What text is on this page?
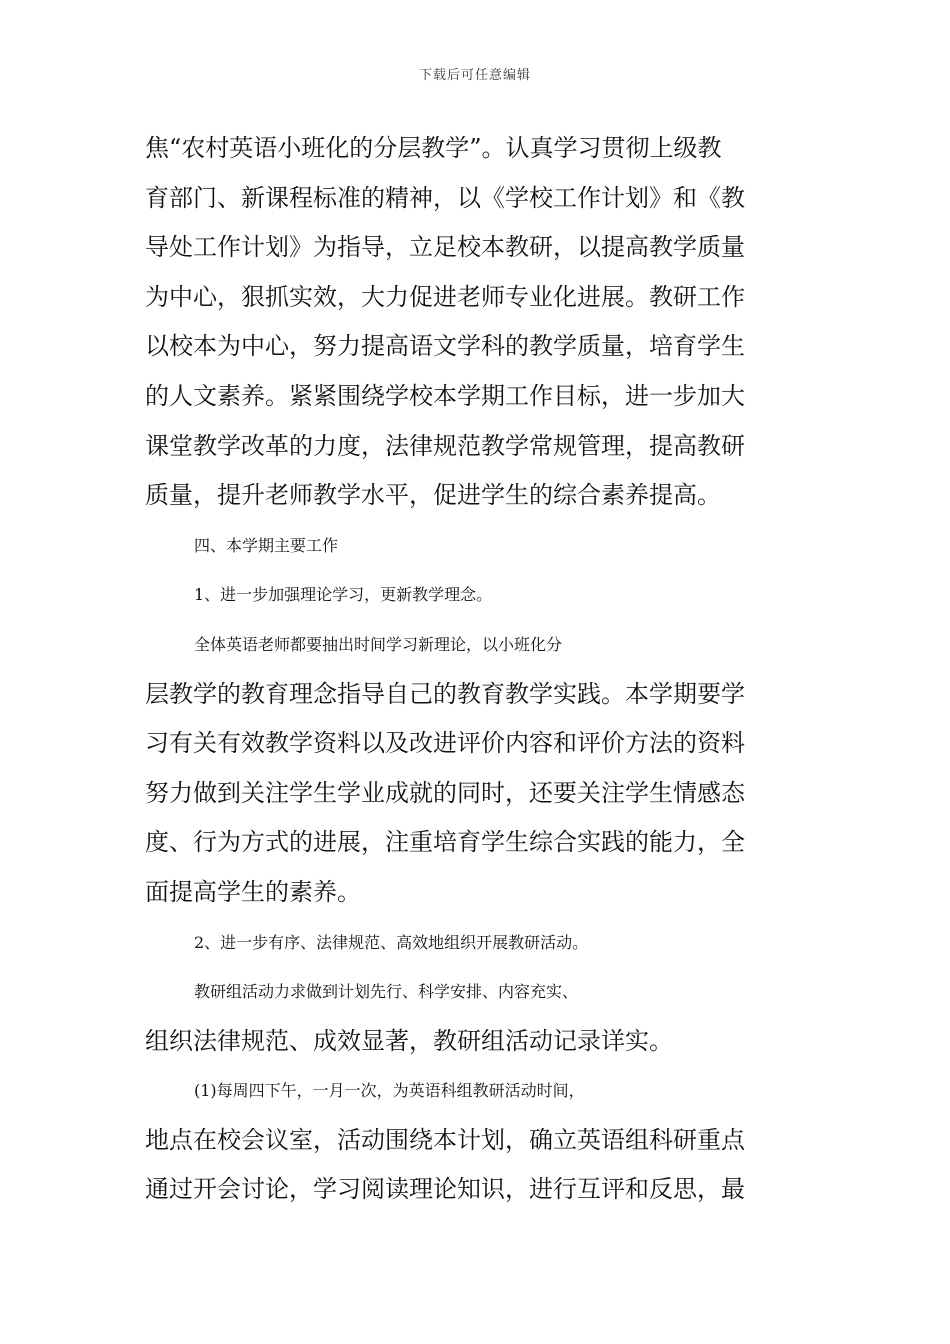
下载后可任意编辑
焦“农村英语小班化的分层教学”。认真学习贯彻上级教
育部门、新课程标准的精神，以《学校工作计划》和《教
导处工作计划》为指导，立足校本教研，以提高教学质量
为中心，狠抓实效，大力促进老师专业化进展。教研工作
以校本为中心，努力提高语文学科的教学质量，培育学生
的人文素养。紧紧围绕学校本学期工作目标，进一步加大
课堂教学改革的力度，法律规范教学常规管理，提高教研
质量，提升老师教学水平，促进学生的综合素养提高。
四、本学期主要工作
1、进一步加强理论学习，更新教学理念。
全体英语老师都要抽出时间学习新理论，以小班化分
层教学的教育理念指导自己的教育教学实践。本学期要学
习有关有效教学资料以及改进评价内容和评价方法的资料
努力做到关注学生学业成就的同时，还要关注学生情感态
度、行为方式的进展，注重培育学生综合实践的能力，全
面提高学生的素养。
2、进一步有序、法律规范、高效地组织开展教研活动。
教研组活动力求做到计划先行、科学安排、内容充实、
组织法律规范、成效显著，教研组活动记录详实。
(1)每周四下午，一月一次，为英语科组教研活动时间，
地点在校会议室，活动围绕本计划，确立英语组科研重点
通过开会讨论，学习阅读理论知识，进行互评和反思，最
